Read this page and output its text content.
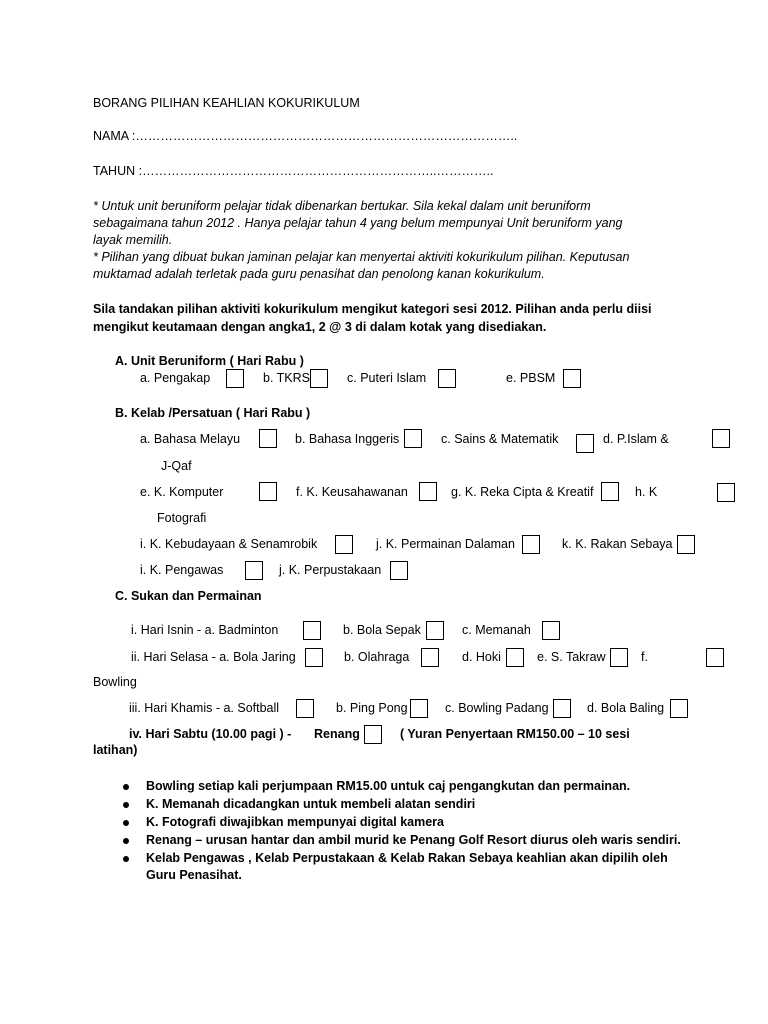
BORANG PILIHAN KEAHLIAN KOKURIKULUM
NAMA :………………………………………………………………………………..
TAHUN :……………………………………………………………..…………..
* Untuk unit beruniform pelajar tidak dibenarkan bertukar. Sila kekal dalam unit beruniform
sebagaimana tahun 2012 . Hanya pelajar tahun 4 yang belum mempunyai Unit beruniform yang
layak memilih.
* Pilihan yang dibuat bukan jaminan pelajar kan menyertai aktiviti kokurikulum pilihan. Keputusan
muktamad adalah terletak pada guru penasihat dan penolong kanan kokurikulum.
Sila tandakan pilihan aktiviti kokurikulum mengikut kategori sesi 2012. Pilihan anda perlu diisi
mengikut keutamaan dengan angka1, 2 @ 3 di dalam kotak yang disediakan.
A. Unit Beruniform ( Hari Rabu )
a. Pengakap	b. TKRS	c. Puteri Islam	e. PBSM
B. Kelab /Persatuan ( Hari Rabu )
a. Bahasa Melayu	b. Bahasa Inggeris	c. Sains & Matematik	d. P.Islam &
J-Qaf
e. K. Komputer	f. K. Keusahawanan	g. K. Reka Cipta & Kreatif	h. K
Fotografi
i. K. Kebudayaan & Senamrobik	j. K. Permainan Dalaman	k. K. Rakan Sebaya
i. K. Pengawas	j. K. Perpustakaan
C. Sukan dan Permainan
i. Hari Isnin - a. Badminton	b. Bola Sepak	c. Memanah
ii. Hari Selasa - a. Bola Jaring	b. Olahraga	d. Hoki	e. S. Takraw	f.
Bowling
iii. Hari Khamis - a. Softball	b. Ping Pong	c. Bowling Padang	d. Bola Baling
iv. Hari Sabtu (10.00 pagi ) - Renang	( Yuran Penyertaan RM150.00 – 10 sesi
latihan)
Bowling setiap kali perjumpaan RM15.00 untuk caj pengangkutan dan permainan.
K. Memanah dicadangkan untuk membeli alatan sendiri
K. Fotografi diwajibkan mempunyai digital kamera
Renang – urusan hantar dan ambil murid ke Penang Golf Resort diurus oleh waris sendiri.
Kelab Pengawas , Kelab Perpustakaan & Kelab Rakan Sebaya keahlian akan dipilih oleh
Guru Penasihat.
